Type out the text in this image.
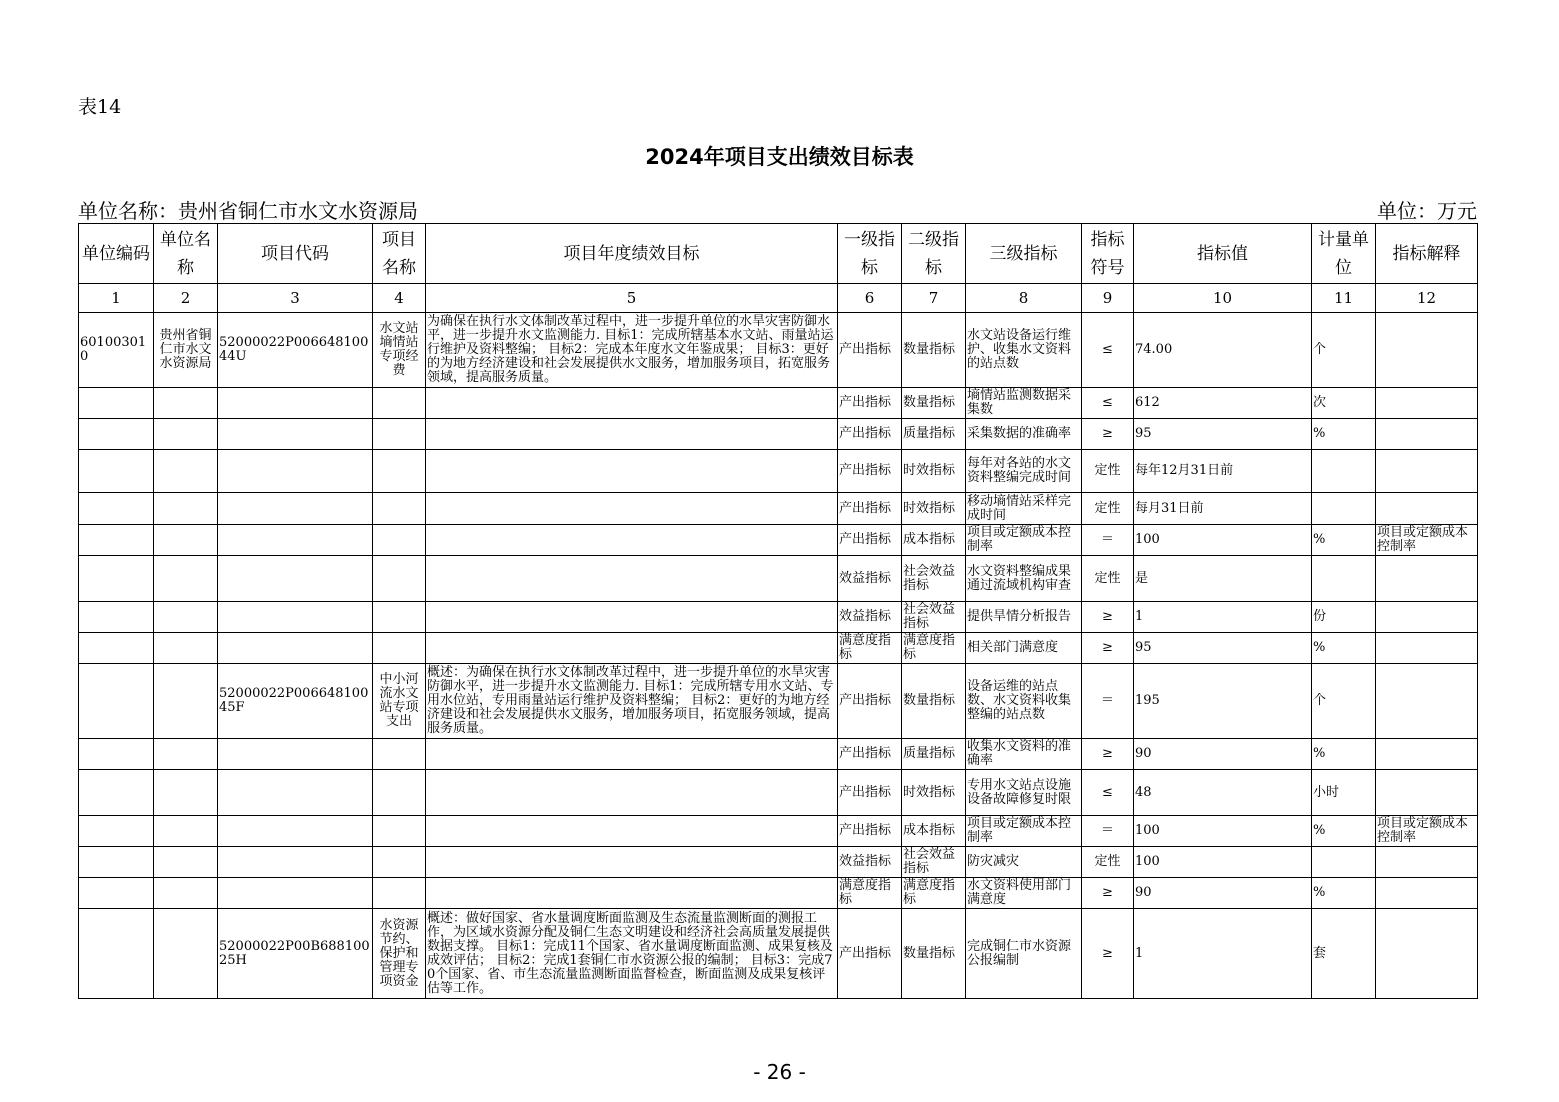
表14
2024年项目支出绩效目标表
单位名称：贵州省铜仁市水文水资源局	单位：万元
单位编码	单位名称	项目代码	项目名称	项目年度绩效目标	一级指标	二级指标	三级指标	指标符号	指标值	计量单位	指标解释
1	2	3	4	5	6	7	8	9	10	11	12
601003010	贵州省铜仁市水文水资源局	52000022P00664810044U	水文站墒情站专项经费	为确保在执行水文体制改革过程中，进一步提升单位的水旱灾害防御水平，进一步提升水文监测能力. 目标1：完成所辖基本水文站、雨量站运行维护及资料整编； 目标2：完成本年度水文年鉴成果； 目标3：更好的为地方经济建设和社会发展提供水文服务，增加服务项目，拓宽服务领域，提高服务质量。	产出指标	数量指标	水文站设备运行维护、收集水文资料的站点数	≤	74.00	个	
					产出指标	数量指标	墒情站监测数据采集数	≤	612	次	
					产出指标	质量指标	采集数据的准确率	≥	95	%	
					产出指标	时效指标	每年对各站的水文资料整编完成时间	定性	每年12月31日前		
					产出指标	时效指标	移动墒情站采样完成时间	定性	每月31日前		
					产出指标	成本指标	项目或定额成本控制率	＝	100	%	项目或定额成本控制率
					效益指标	社会效益指标	水文资料整编成果通过流域机构审查	定性	是		
					效益指标	社会效益指标	提供旱情分析报告	≥	1	份	
					满意度指标	满意度指标	相关部门满意度	≥	95	%	
		52000022P00664810045F	中小河流水文站专项支出	概述：为确保在执行水文体制改革过程中，进一步提升单位的水旱灾害防御水平，进一步提升水文监测能力. 目标1：完成所辖专用水文站、专用水位站，专用雨量站运行维护及资料整编； 目标2：更好的为地方经济建设和社会发展提供水文服务，增加服务项目，拓宽服务领域，提高服务质量。	产出指标	数量指标	设备运维的站点数、水文资料收集整编的站点数	＝	195	个	
					产出指标	质量指标	收集水文资料的准确率	≥	90	%	
					产出指标	时效指标	专用水文站点设施设备故障修复时限	≤	48	小时	
					产出指标	成本指标	项目或定额成本控制率	＝	100	%	项目或定额成本控制率
					效益指标	社会效益指标	防灾减灾	定性	100		
					满意度指标	满意度指标	水文资料使用部门满意度	≥	90	%	
		52000022P00B68810025H	水资源节约、保护和管理专项资金	概述：做好国家、省水量调度断面监测及生态流量监测断面的测报工作，为区域水资源分配及铜仁生态文明建设和经济社会高质量发展提供数据支撑。 目标1：完成11个国家、省水量调度断面监测、成果复核及成效评估； 目标2：完成1套铜仁市水资源公报的编制； 目标3：完成70个国家、省、市生态流量监测断面监督检查，断面监测及成果复核评估等工作。	产出指标	数量指标	完成铜仁市水资源公报编制	≥	1	套	
- 26 -
